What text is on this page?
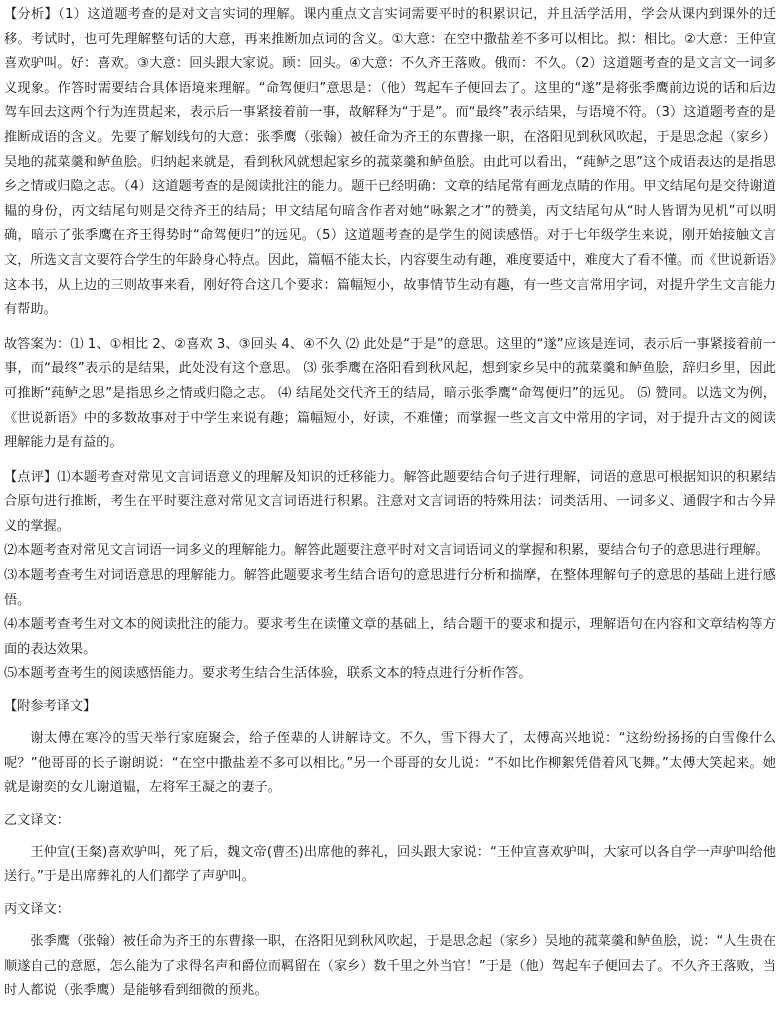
【分析】（1）这道题考查的是对文言实词的理解。课内重点文言实词需要平时的积累识记，并且活学活用，学会从课内到课外的迁移。考试时，也可先理解整句话的大意，再来推断加点词的含义。①大意：在空中撒盐差不多可以相比。拟：相比。②大意：王仲宣喜欢驴叫。好：喜欢。③大意：回头跟大家说。顾：回头。④大意：不久齐王落败。俄而：不久。（2）这道题考查的是文言文一词多义现象。作答时需要结合具体语境来理解。“命驾便归”意思是：（他）驾起车子便回去了。这里的“遂”是将张季鹰前边说的话和后边驾车回去这两个行为连贯起来，表示后一事紧接着前一事，故解释为“于是”。而“最终”表示结果，与语境不符。（3）这道题考查的是推断成语的含义。先要了解划线句的大意：张季鹰（张翰）被任命为齐王的东曹掾一职，在洛阳见到秋风吹起，于是思念起（家乡）吴地的菰菜羹和鲈鱼脍。归纳起来就是，看到秋风就想起家乡的菰菜羹和鲈鱼脍。由此可以看出，“莼鲈之思”这个成语表达的是指思乡之情或归隐之志。（4）这道题考查的是阅读批注的能力。题干已经明确：文章的结尾常有画龙点睛的作用。甲文结尾句是交待谢道韫的身份，丙文结尾句则是交待齐王的结局；甲文结尾句暗含作者对她“咏絮之才”的赞美，丙文结尾句从“时人皆谓为见机”可以明确，暗示了张季鹰在齐王得势时“命驾便归”的远见。（5）这道题考查的是学生的阅读感悟。对于七年级学生来说，刚开始接触文言文，所选文言文要符合学生的年龄身心特点。因此，篇幅不能太长，内容要生动有趣，难度要适中，难度大了看不懂。而《世说新语》这本书，从上边的三则故事来看，刚好符合这几个要求：篇幅短小，故事情节生动有趣，有一些文言常用字词，对提升学生文言能力有帮助。

故答案为：⑴ 1、①相比 2、②喜欢 3、③回头 4、④不久 ⑵ 此处是“于是”的意思。这里的“遂”应该是连词，表示后一事紧接着前一事，而“最终”表示的是结果，此处没有这个意思。 ⑶ 张季鹰在洛阳看到秋风起，想到家乡吴中的菰菜羹和鲈鱼脍，辞归乡里，因此可推断“莼鲈之思”是指思乡之情或归隐之志。 ⑷ 结尾处交代齐王的结局，暗示张季鹰“命驾便归”的远见。 ⑸ 赞同。以选文为例，《世说新语》中的多数故事对于中学生来说有趣；篇幅短小，好读，不难懂；而掌握一些文言文中常用的字词，对于提升古文的阅读理解能力是有益的。

【点评】⑴本题考查对常见文言词语意义的理解及知识的迁移能力。解答此题要结合句子进行理解，词语的意思可根据知识的积累结合原句进行推断，考生在平时要注意对常见文言词语进行积累。注意对文言词语的特殊用法：词类活用、一词多义、通假字和古今异义的掌握。

⑵本题考查对常见文言词语一词多义的理解能力。解答此题要注意平时对文言词语词义的掌握和积累，要结合句子的意思进行理解。

⑶本题考查考生对词语意思的理解能力。解答此题要求考生结合语句的意思进行分析和揣摩，在整体理解句子的意思的基础上进行感悟。

⑷本题考查考生对文本的阅读批注的能力。要求考生在读懂文章的基础上，结合题干的要求和提示，理解语句在内容和文章结构等方面的表达效果。

⑸本题考查考生的阅读感悟能力。要求考生结合生活体验，联系文本的特点进行分析作答。

【附参考译文】

谢太傅在寒冷的雪天举行家庭聚会，给子侄辈的人讲解诗文。不久，雪下得大了，太傅高兴地说：“这纷纷扬扬的白雪像什么呢？”他哥哥的长子谢朗说：“在空中撒盐差不多可以相比。”另一个哥哥的女儿说：“不如比作柳絮凭借着风飞舞。”太傅大笑起来。她就是谢奕的女儿谢道韫，左将军王凝之的妻子。

乙文译文：

王仲宣(王粲)喜欢驴叫，死了后，魏文帝(曹丕)出席他的葬礼，回头跟大家说：“王仲宣喜欢驴叫，大家可以各自学一声驴叫给他送行。”于是出席葬礼的人们都学了声驴叫。

丙文译文：

张季鹰（张翰）被任命为齐王的东曹掾一职，在洛阳见到秋风吹起，于是思念起（家乡）吴地的菰菜羹和鲈鱼脍，说：“人生贵在顺遂自己的意愿，怎么能为了求得名声和爵位而羁留在（家乡）数千里之外当官！”于是（他）驾起车子便回去了。不久齐王落败，当时人都说（张季鹰）是能够看到细微的预兆。
